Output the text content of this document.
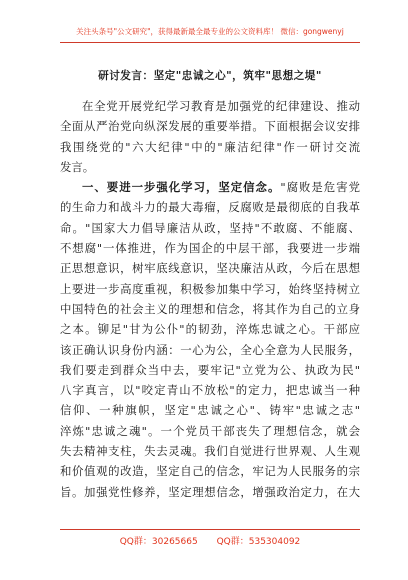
关注头条号"公文研究"，获得最新最全最专业的公文资料库！ 微信：gongwenyj
研讨发言：坚定"忠诚之心"，筑牢"思想之堤"
在全党开展党纪学习教育是加强党的纪律建设、推动
全面从严治党向纵深发展的重要举措。下面根据会议安排
我围绕党的"六大纪律"中的"廉洁纪律"作一研讨交流
发言。
一、要进一步强化学习，坚定信念。"腐败是危害党
的生命力和战斗力的最大毒瘤，反腐败是最彻底的自我革
命。"国家大力倡导廉洁从政，坚持"不敢腐、不能腐、
不想腐"一体推进，作为国企的中层干部，我要进一步端
正思想意识，树牢底线意识，坚决廉洁从政，今后在思想
上要进一步高度重视，积极参加集中学习，始终坚持树立
中国特色的社会主义的理想和信念，将其作为自己的立身
之本。铆足"甘为公仆"的韧劲，淬炼忠诚之心。干部应
该正确认识身份内涵：一心为公，全心全意为人民服务，
我们要走到群众当中去，要牢记"立党为公、执政为民"
八字真言，以"咬定青山不放松"的定力，把忠诚当一种
信仰、一种旗帜，坚定"忠诚之心"、铸牢"忠诚之志"
淬炼"忠诚之魂"。一个党员干部丧失了理想信念，就会
失去精神支柱，失去灵魂。我们自觉进行世界观、人生观
和价值观的改造，坚定自己的信念，牢记为人民服务的宗
旨。加强党性修养，坚定理想信念，增强政治定力，在大
QQ群：30265665 QQ群：535304092
